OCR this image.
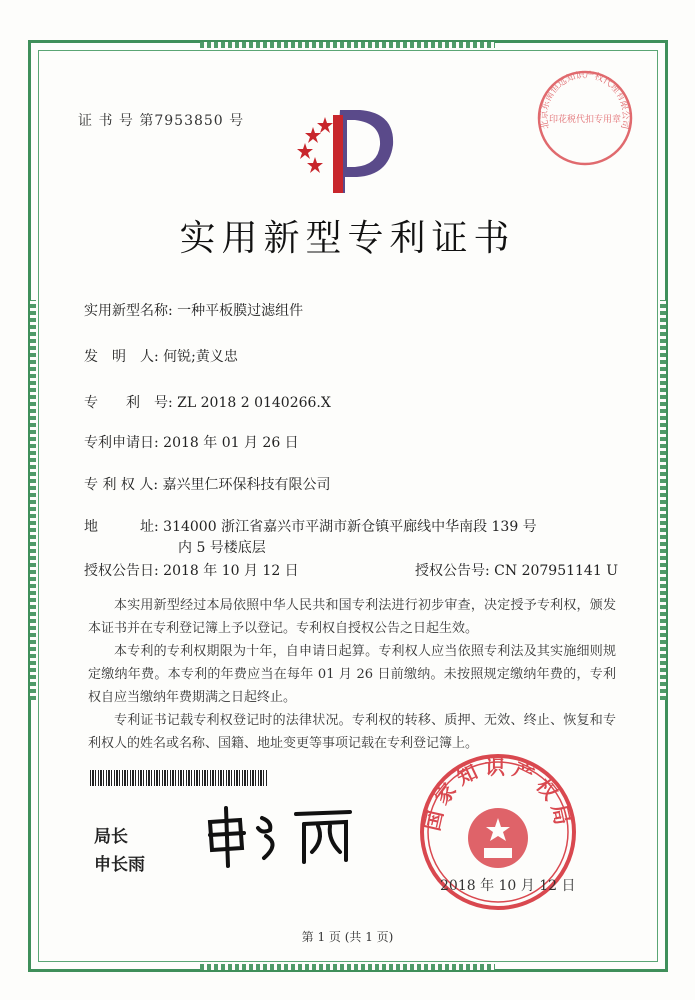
证 书 号 第7953850 号
实用新型专利证书
实用新型名称: 一种平板膜过滤组件
发　明　人: 何锐;黄义忠
专　　利　号: ZL 2018 2 0140266.X
专利申请日: 2018 年 01 月 26 日
专 利 权 人: 嘉兴里仁环保科技有限公司
地　　　址: 314000 浙江省嘉兴市平湖市新仓镇平廊线中华南段 139 号
内 5 号楼底层
授权公告日: 2018 年 10 月 12 日	授权公告号: CN 207951141 U

本实用新型经过本局依照中华人民共和国专利法进行初步审查，决定授予专利权，颁发本证书并在专利登记簿上予以登记。专利权自授权公告之日起生效。

本专利的专利权期限为十年，自申请日起算。专利权人应当依照专利法及其实施细则规定缴纳年费。本专利的年费应当在每年 01 月 26 日前缴纳。未按照规定缴纳年费的，专利权自应当缴纳年费期满之日起终止。

专利证书记载专利权登记时的法律状况。专利权的转移、质押、无效、终止、恢复和专利权人的姓名或名称、国籍、地址变更等事项记载在专利登记簿上。

局长
申长雨
国家知识产权局
2018 年 10 月 12 日
北京东南恒远知识产权代理有限公司
印花税代扣专用章
第 1 页 (共 1 页)
